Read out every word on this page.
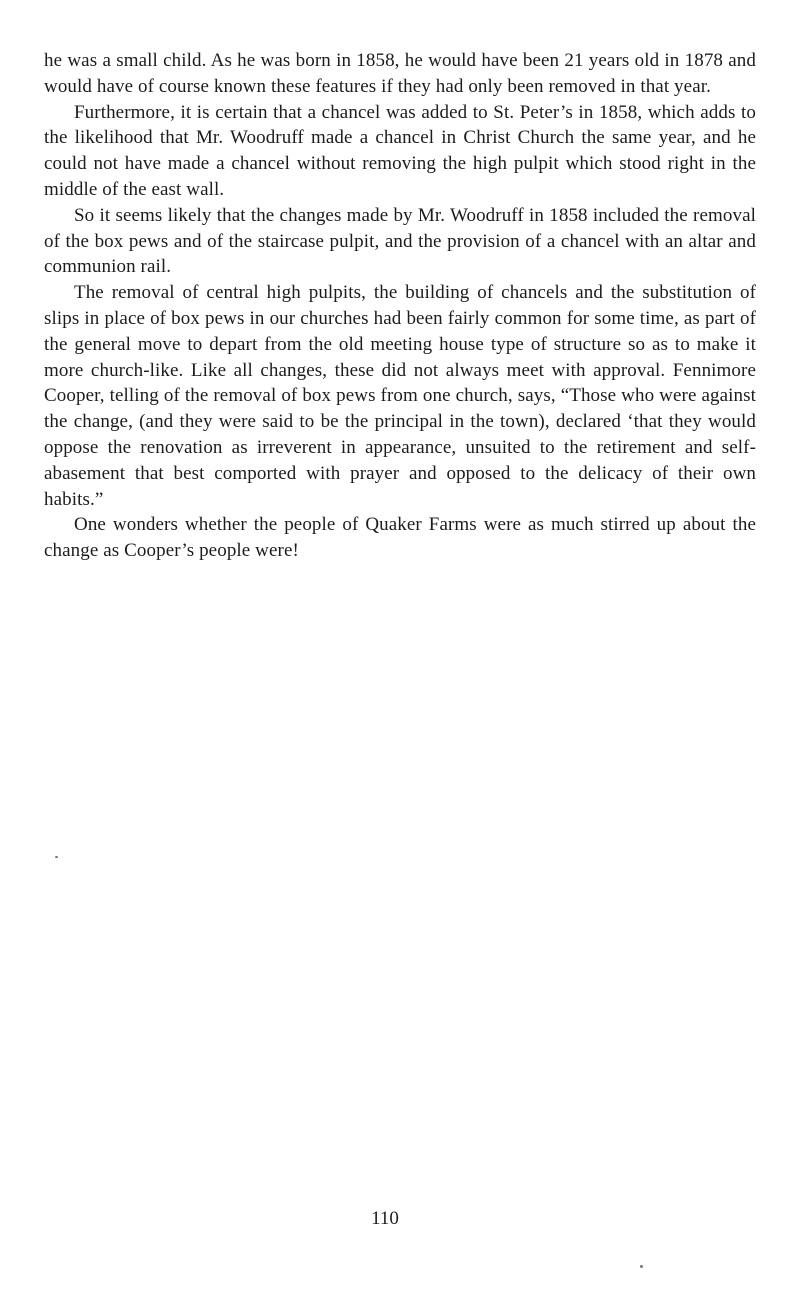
he was a small child. As he was born in 1858, he would have been 21 years old in 1878 and would have of course known these features if they had only been removed in that year.

Furthermore, it is certain that a chancel was added to St. Peter’s in 1858, which adds to the likelihood that Mr. Woodruff made a chancel in Christ Church the same year, and he could not have made a chancel without removing the high pulpit which stood right in the middle of the east wall.

So it seems likely that the changes made by Mr. Woodruff in 1858 included the removal of the box pews and of the staircase pulpit, and the provision of a chancel with an altar and communion rail.

The removal of central high pulpits, the building of chancels and the substitution of slips in place of box pews in our churches had been fairly common for some time, as part of the general move to depart from the old meeting house type of structure so as to make it more church-like. Like all changes, these did not always meet with approval. Fennimore Cooper, telling of the removal of box pews from one church, says, “Those who were against the change, (and they were said to be the principal in the town), declared ‘that they would oppose the renovation as irreverent in appearance, unsuited to the retirement and self-abasement that best comported with prayer and opposed to the delicacy of their own habits.”

One wonders whether the people of Quaker Farms were as much stirred up about the change as Cooper’s people were!

110
